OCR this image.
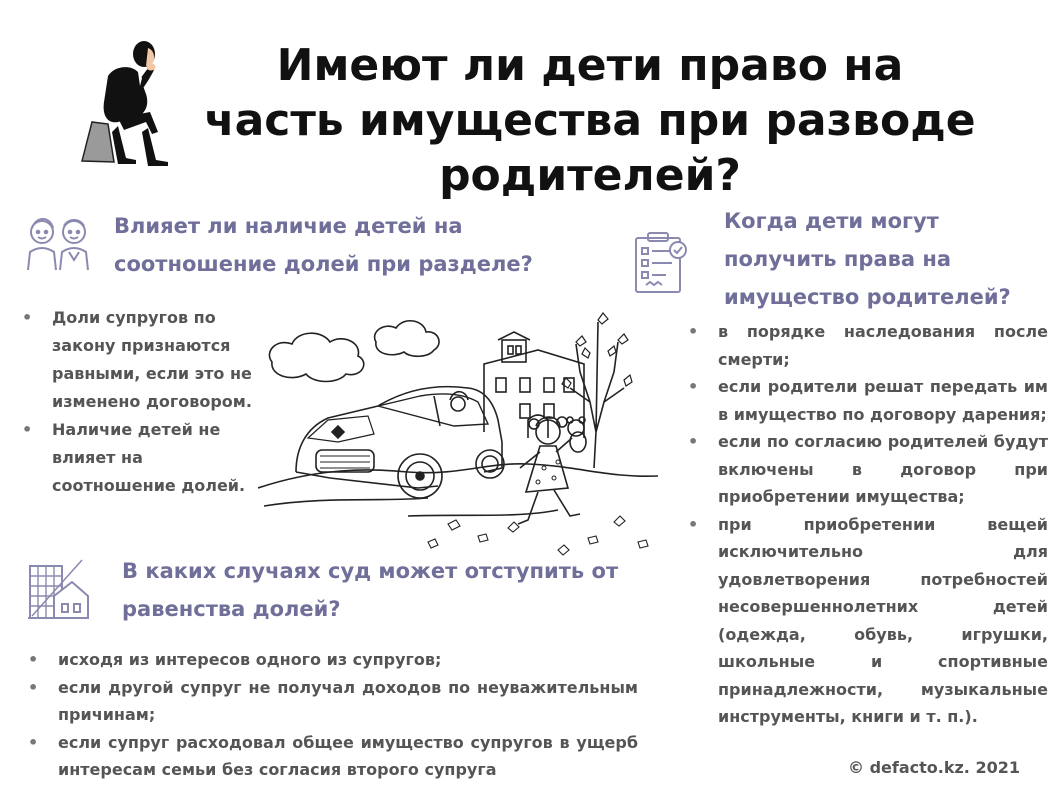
Имеют ли дети право на часть имущества при разводе родителей?
Влияет ли наличие детей на соотношение долей при разделе?
• Доли супругов по закону признаются равными, если это не изменено договором.
• Наличие детей не влияет на соотношение долей.
Когда дети могут получить права на имущество родителей?
• в порядке наследования после смерти;
• если родители решат передать им в имущество по договору дарения;
• если по согласию родителей будут включены в договор при приобретении имущества;
• при приобретении вещей исключительно для удовлетворения потребностей несовершеннолетних детей (одежда, обувь, игрушки, школьные и спортивные принадлежности, музыкальные инструменты, книги и т. п.).
В каких случаях суд может отступить от равенства долей?
• исходя из интересов одного из супругов;
• если другой супруг не получал доходов по неуважительным причинам;
• если супруг расходовал общее имущество супругов в ущерб интересам семьи без согласия второго супруга	© defacto.kz. 2021
